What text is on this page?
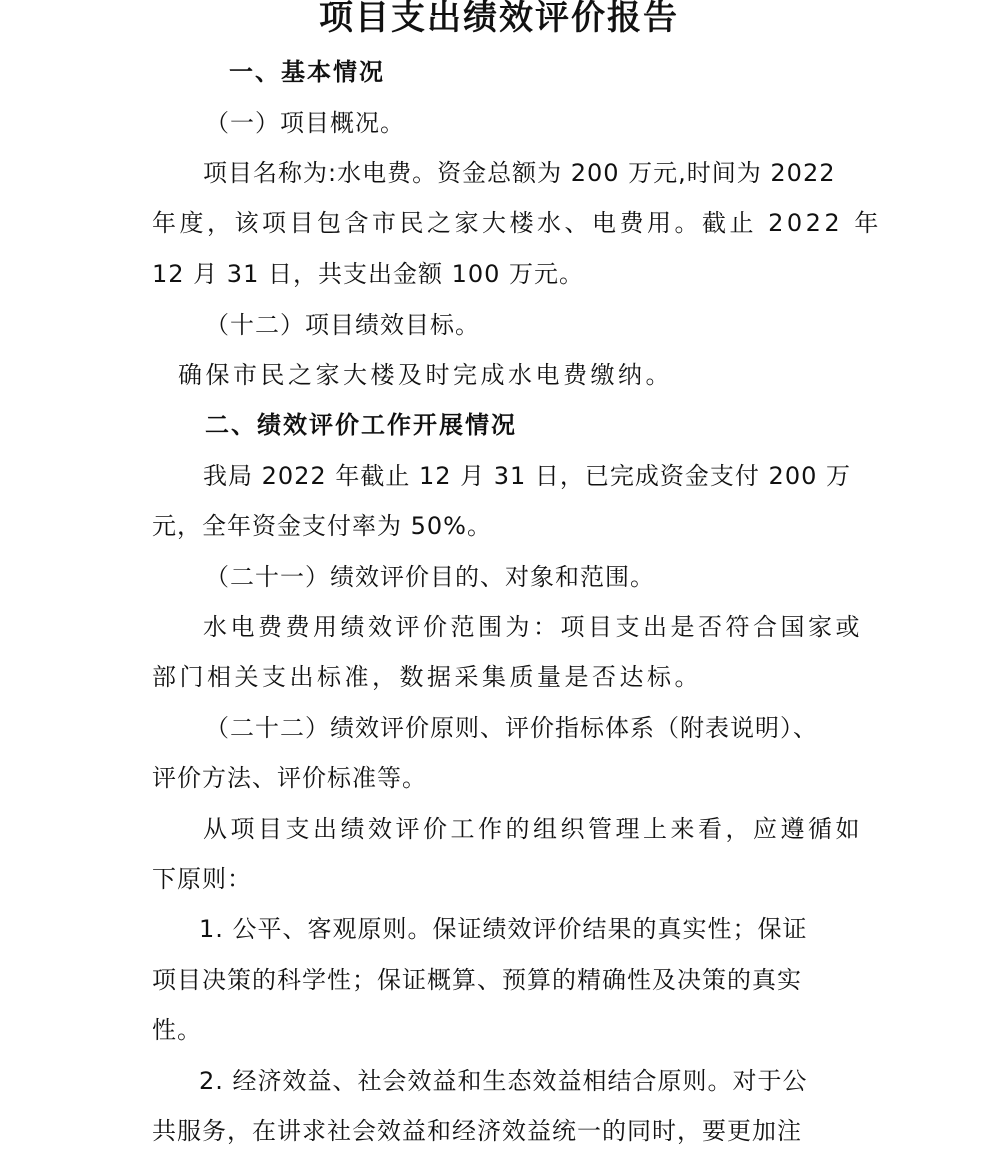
项目支出绩效评价报告
一、基本情况
（一）项目概况。
项目名称为:水电费。资金总额为 200 万元,时间为 2022
年度，该项目包含市民之家大楼水、电费用。截止 2022 年
12 月 31 日，共支出金额 100 万元。
（十二）项目绩效目标。
确保市民之家大楼及时完成水电费缴纳。
二、绩效评价工作开展情况
我局 2022 年截止 12 月 31 日，已完成资金支付 200 万
元，全年资金支付率为 50%。
（二十一）绩效评价目的、对象和范围。
水电费费用绩效评价范围为：项目支出是否符合国家或
部门相关支出标准，数据采集质量是否达标。
（二十二）绩效评价原则、评价指标体系（附表说明）、
评价方法、评价标准等。
从项目支出绩效评价工作的组织管理上来看，应遵循如
下原则：
1. 公平、客观原则。保证绩效评价结果的真实性；保证
项目决策的科学性；保证概算、预算的精确性及决策的真实
性。
2. 经济效益、社会效益和生态效益相结合原则。对于公
共服务，在讲求社会效益和经济效益统一的同时，要更加注
